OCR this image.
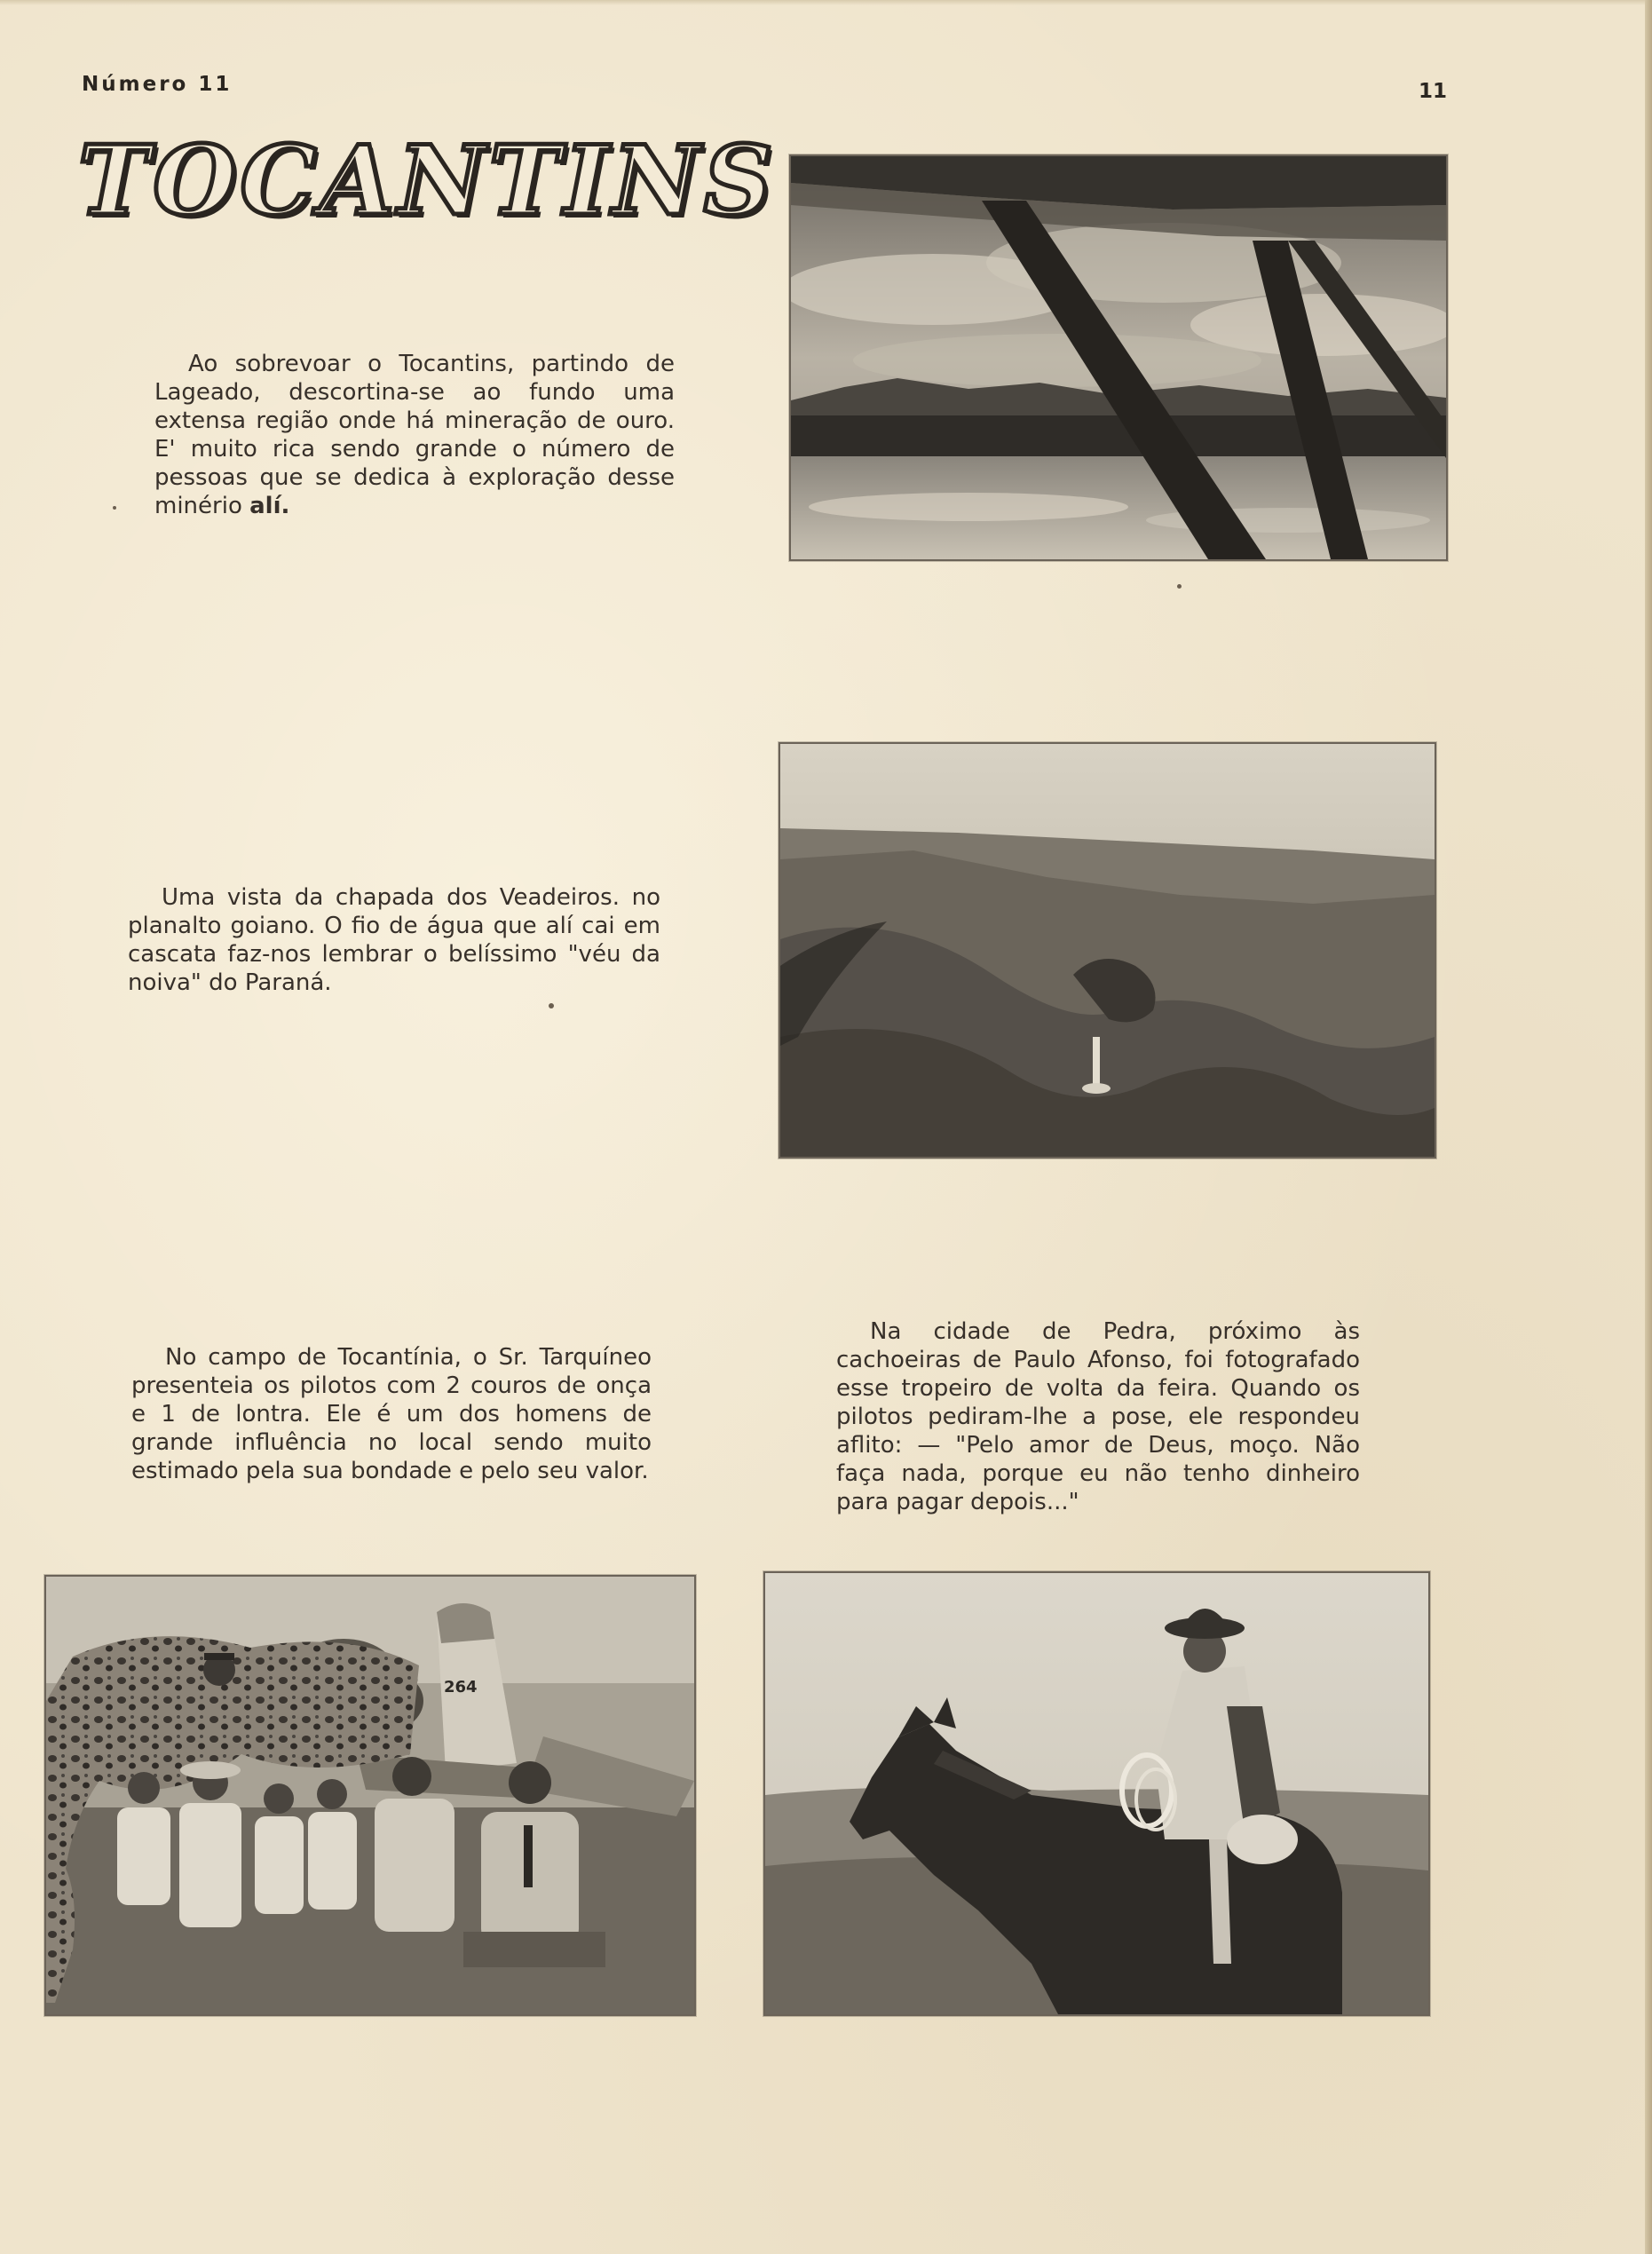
Número 11	11
TOCANTINS

Ao sobrevoar o Tocantins, partindo de Lageado, descortina-se ao fundo uma extensa região onde há mineração de ouro. E' muito rica sendo grande o número de pessoas que se dedica à exploração desse minério alí.

Uma vista da chapada dos Veadeiros. no planalto goiano. O fio de água que alí cai em cascata faz-nos lembrar o belíssimo "véu da noiva" do Paraná.

No campo de Tocantínia, o Sr. Tarquíneo presenteia os pilotos com 2 couros de onça e 1 de lontra. Ele é um dos homens de grande influência no local sendo muito estimado pela sua bondade e pelo seu valor.

Na cidade de Pedra, próximo às cachoeiras de Paulo Afonso, foi fotografado esse tropeiro de volta da feira. Quando os pilotos pediram-lhe a pose, ele respondeu aflito: — "Pelo amor de Deus, moço. Não faça nada, porque eu não tenho dinheiro para pagar depois..."

264
